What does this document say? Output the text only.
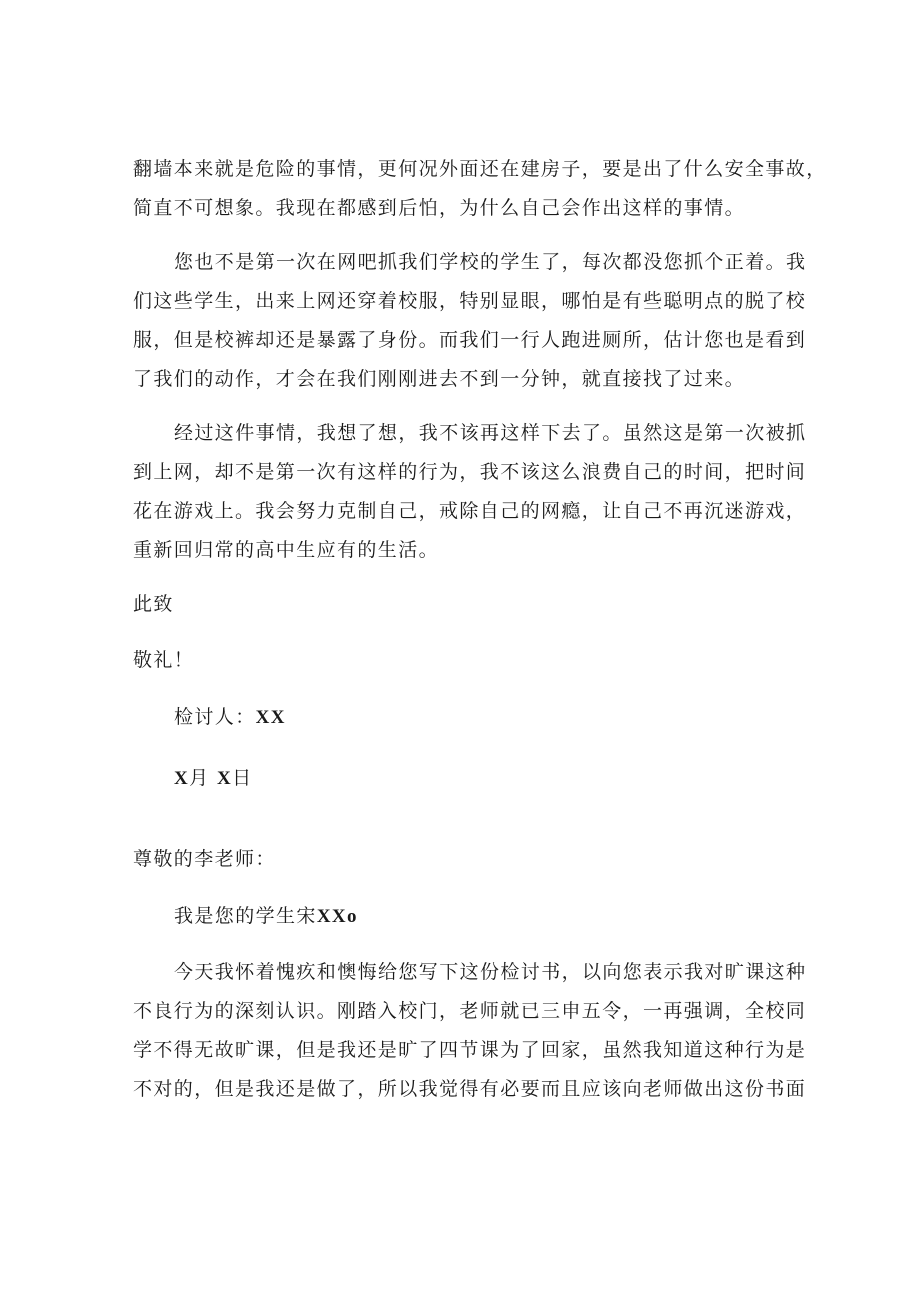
翻墙本来就是危险的事情，更何况外面还在建房子，要是出了什么安全事故，
简直不可想象。我现在都感到后怕，为什么自己会作出这样的事情。
您也不是第一次在网吧抓我们学校的学生了，每次都没您抓个正着。我
们这些学生，出来上网还穿着校服，特别显眼，哪怕是有些聪明点的脱了校
服，但是校裤却还是暴露了身份。而我们一行人跑进厕所，估计您也是看到
了我们的动作，才会在我们刚刚进去不到一分钟，就直接找了过来。
经过这件事情，我想了想，我不该再这样下去了。虽然这是第一次被抓
到上网，却不是第一次有这样的行为，我不该这么浪费自己的时间，把时间
花在游戏上。我会努力克制自己，戒除自己的网瘾，让自己不再沉迷游戏，
重新回归常的高中生应有的生活。
此致
敬礼！
检讨人：XX
X月 X日
尊敬的李老师：
我是您的学生宋XXo
今天我怀着愧疚和懊悔给您写下这份检讨书，以向您表示我对旷课这种
不良行为的深刻认识。刚踏入校门，老师就已三申五令，一再强调，全校同
学不得无故旷课，但是我还是旷了四节课为了回家，虽然我知道这种行为是
不对的，但是我还是做了，所以我觉得有必要而且应该向老师做出这份书面
